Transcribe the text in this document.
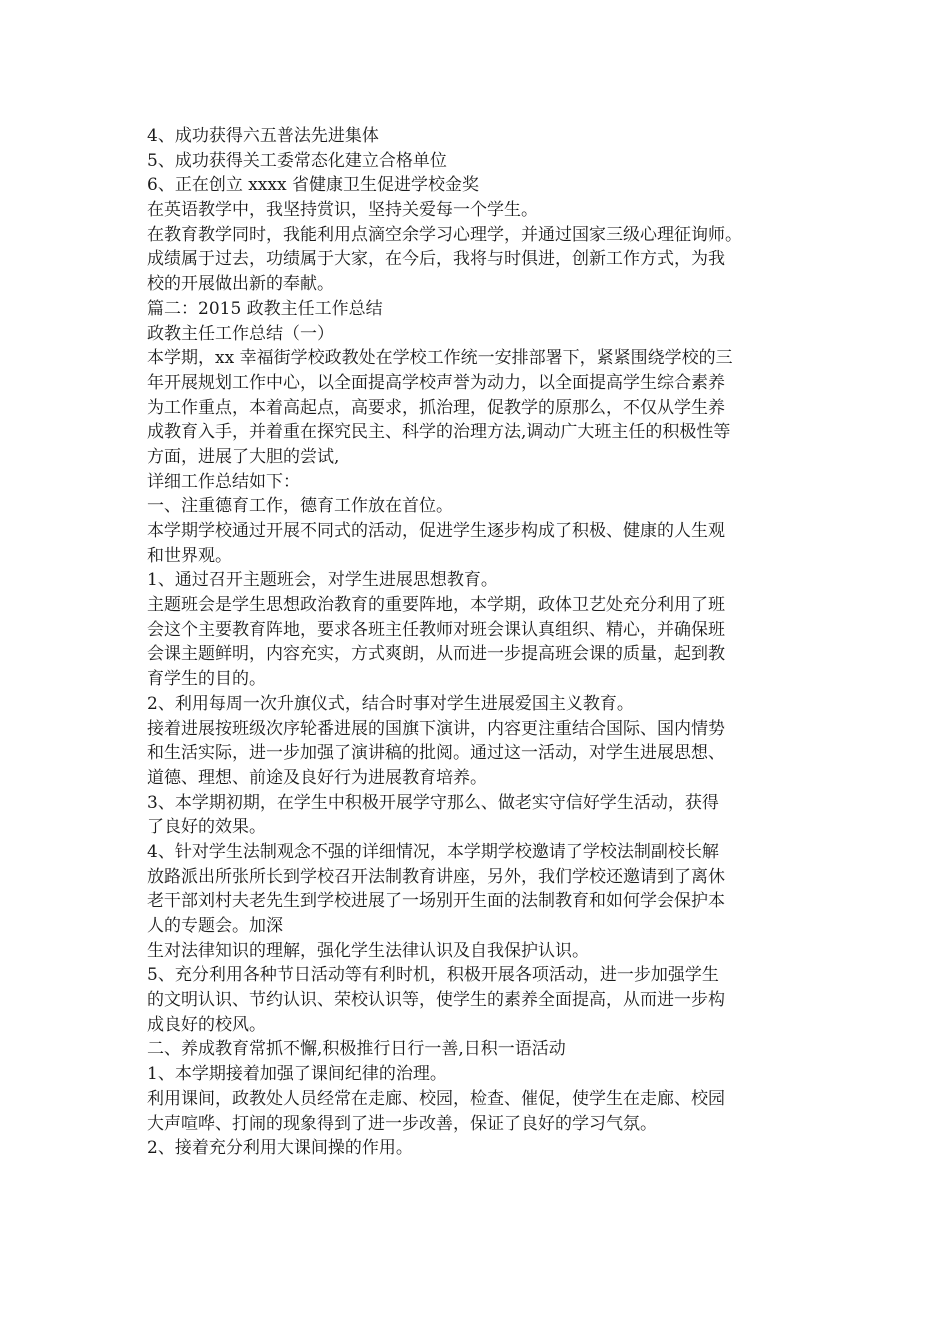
4、成功获得六五普法先进集体
5、成功获得关工委常态化建立合格单位
6、正在创立 xxxx 省健康卫生促进学校金奖
在英语教学中，我坚持赏识，坚持关爱每一个学生。
在教育教学同时，我能利用点滴空余学习心理学，并通过国家三级心理征询师。
成绩属于过去，功绩属于大家，在今后，我将与时俱进，创新工作方式，为我
校的开展做出新的奉献。
篇二：2015 政教主任工作总结
政教主任工作总结（一）
本学期，xx 幸福街学校政教处在学校工作统一安排部署下，紧紧围绕学校的三
年开展规划工作中心，以全面提高学校声誉为动力，以全面提高学生综合素养
为工作重点，本着高起点，高要求，抓治理，促教学的原那么，不仅从学生养
成教育入手，并着重在探究民主、科学的治理方法,调动广大班主任的积极性等
方面，进展了大胆的尝试,
详细工作总结如下：
一、注重德育工作，德育工作放在首位。
本学期学校通过开展不同式的活动，促进学生逐步构成了积极、健康的人生观
和世界观。
1、通过召开主题班会，对学生进展思想教育。
主题班会是学生思想政治教育的重要阵地，本学期，政体卫艺处充分利用了班
会这个主要教育阵地，要求各班主任教师对班会课认真组织、精心，并确保班
会课主题鲜明，内容充实，方式爽朗，从而进一步提高班会课的质量，起到教
育学生的目的。
2、利用每周一次升旗仪式，结合时事对学生进展爱国主义教育。
接着进展按班级次序轮番进展的国旗下演讲，内容更注重结合国际、国内情势
和生活实际，进一步加强了演讲稿的批阅。通过这一活动，对学生进展思想、
道德、理想、前途及良好行为进展教育培养。
3、本学期初期，在学生中积极开展学守那么、做老实守信好学生活动，获得
了良好的效果。
4、针对学生法制观念不强的详细情况，本学期学校邀请了学校法制副校长解
放路派出所张所长到学校召开法制教育讲座，另外，我们学校还邀请到了离休
老干部刘村夫老先生到学校进展了一场别开生面的法制教育和如何学会保护本
人的专题会。加深
生对法律知识的理解，强化学生法律认识及自我保护认识。
5、充分利用各种节日活动等有利时机，积极开展各项活动，进一步加强学生
的文明认识、节约认识、荣校认识等，使学生的素养全面提高，从而进一步构
成良好的校风。
二、养成教育常抓不懈,积极推行日行一善,日积一语活动
1、本学期接着加强了课间纪律的治理。
利用课间，政教处人员经常在走廊、校园，检查、催促，使学生在走廊、校园
大声喧哗、打闹的现象得到了进一步改善，保证了良好的学习气氛。
2、接着充分利用大课间操的作用。
